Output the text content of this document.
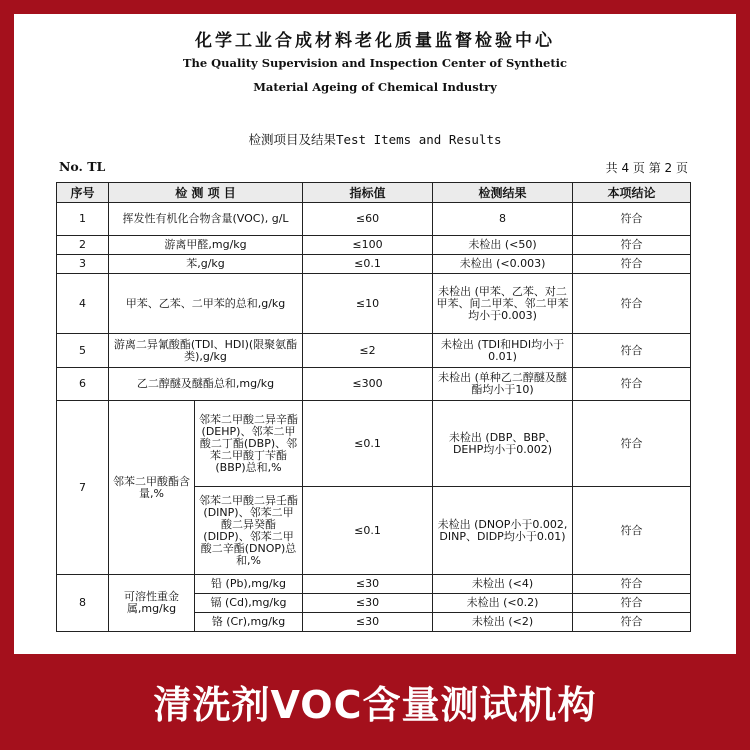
化学工业合成材料老化质量监督检验中心
The Quality Supervision and Inspection Center of Synthetic
Material Ageing of Chemical Industry
检测项目及结果Test Items and Results
No. TL	共 4 页 第 2 页
序号	检 测 项 目		指标值	检测结果	本项结论
1	挥发性有机化合物含量(VOC), g/L		≤60	8	符合
2	游离甲醛,mg/kg		≤100	未检出 (<50)	符合
3	苯,g/kg		≤0.1	未检出 (<0.003)	符合
4	甲苯、乙苯、二甲苯的总和,g/kg		≤10	未检出 (甲苯、乙苯、对二甲苯、间二甲苯、邻二甲苯均小于0.003)	符合
5	游离二异氰酸酯(TDI、HDI)(限聚氨酯类),g/kg		≤2	未检出 (TDI和HDI均小于0.01)	符合
6	乙二醇醚及醚酯总和,mg/kg		≤300	未检出 (单种乙二醇醚及醚酯均小于10)	符合
7	邻苯二甲酸酯含量,%	邻苯二甲酸二异辛酯(DEHP)、邻苯二甲酸二丁酯(DBP)、邻苯二甲酸丁苄酯(BBP)总和,%	≤0.1	未检出 (DBP、BBP、DEHP均小于0.002)	符合
		邻苯二甲酸二异壬酯(DINP)、邻苯二甲酸二异癸酯(DIDP)、邻苯二甲酸二辛酯(DNOP)总和,%	≤0.1	未检出 (DNOP小于0.002, DINP、DIDP均小于0.01)	符合
8	可溶性重金属,mg/kg	铅 (Pb),mg/kg	≤30	未检出 (<4)	符合
		镉 (Cd),mg/kg	≤30	未检出 (<0.2)	符合
		铬 (Cr),mg/kg	≤30	未检出 (<2)	符合
清洗剂VOC含量测试机构
